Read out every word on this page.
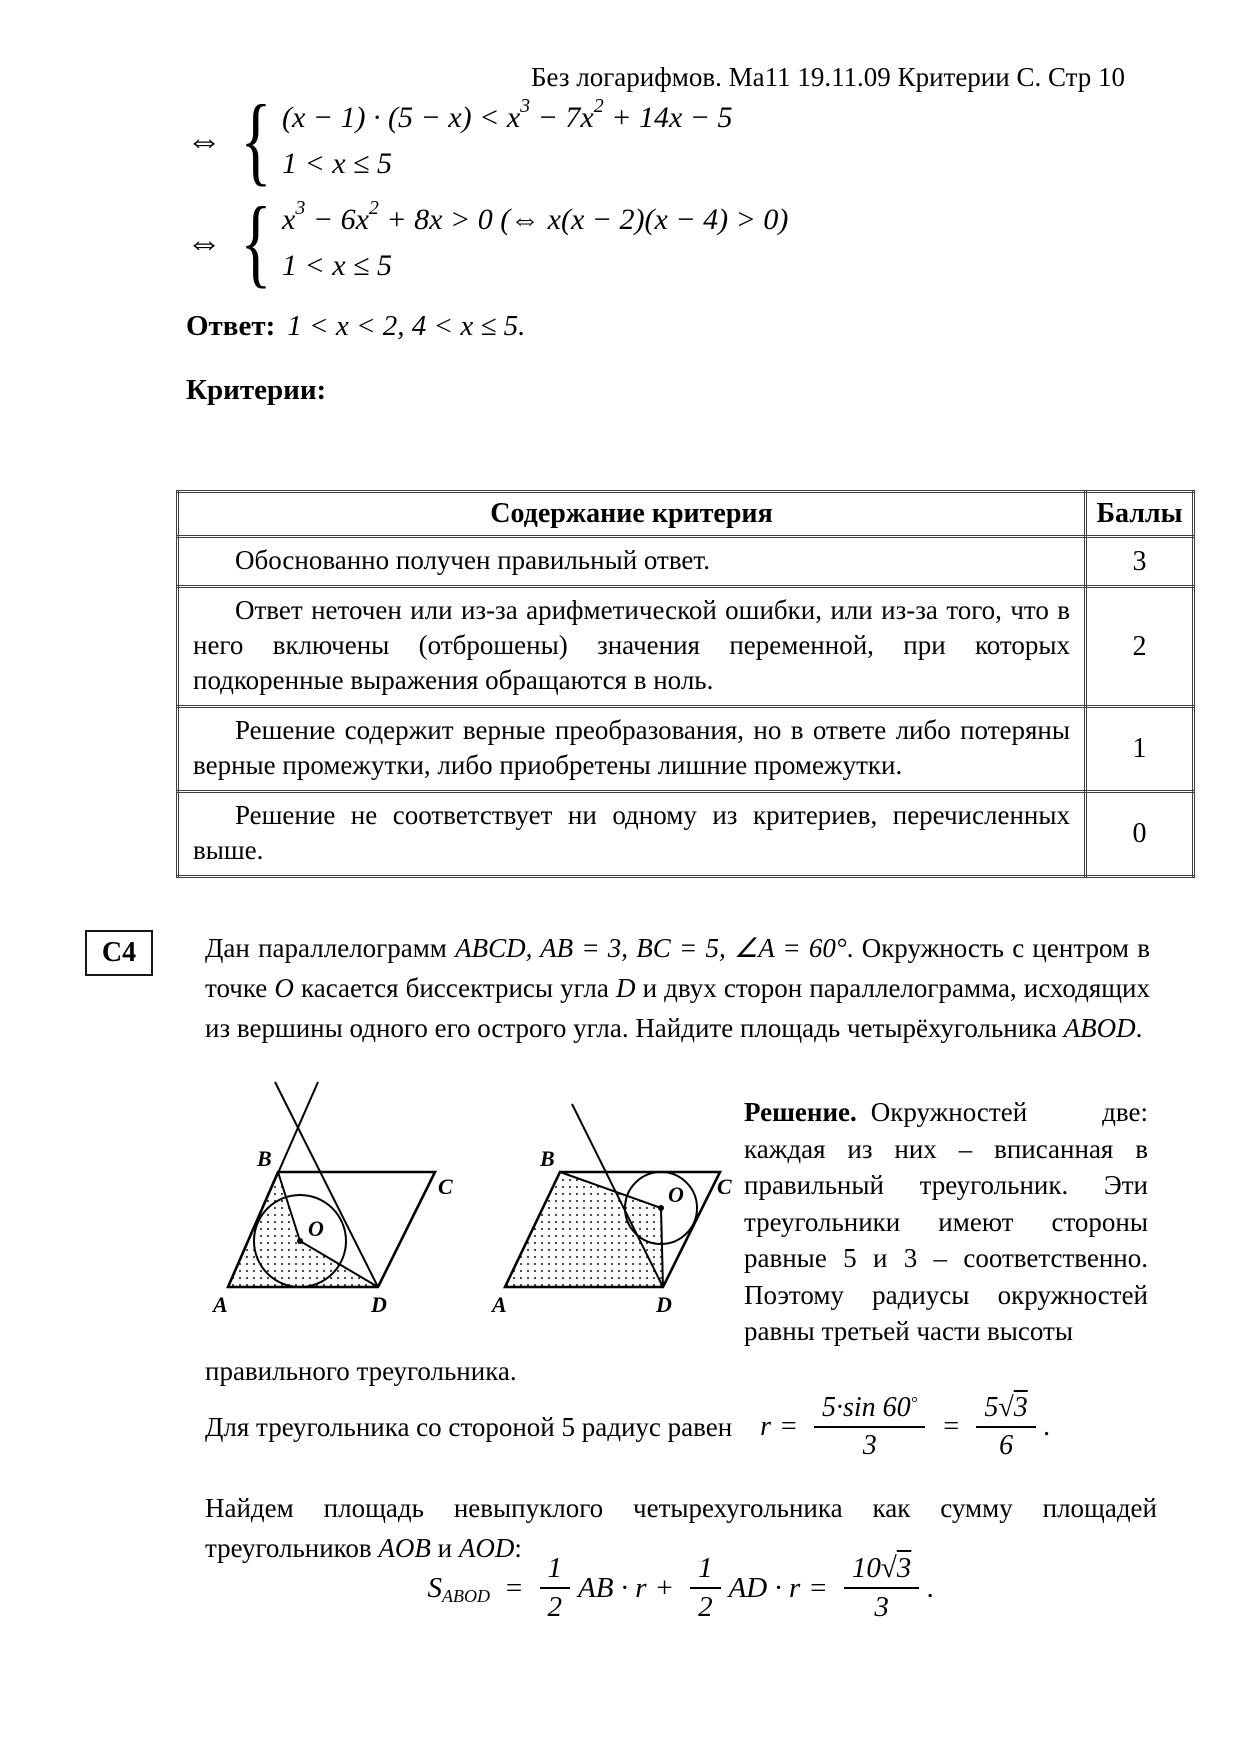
Без логарифмов. Ма11 19.11.09 Критерии С. Стр 10
⇔ { $(x - 1) \cdot (5 - x) < x^3 - 7x^2 + 14x - 5$
1 < x ≤ 5
⇔ { $x^3 - 6x^2 + 8x > 0$ (⇔ x(x − 2)(x − 4) > 0)
1 < x ≤ 5
Ответ: 1 < x < 2, 4 < x ≤ 5.
Критерии:
Содержание критерия	Баллы
Обоснованно получен правильный ответ.	3
Ответ неточен или из-за арифметической ошибки, или из-за того, что в него включены (отброшены) значения переменной, при которых подкоренные выражения обращаются в ноль.	2
Решение содержит верные преобразования, но в ответе либо потеряны верные промежутки, либо приобретены лишние промежутки.	1
Решение не соответствует ни одному из критериев, перечисленных выше.	0
С4	Дан параллелограмм ABCD, AB = 3, BC = 5, ∠A = 60°. Окружность с центром в точке O касается биссектрисы угла D и двух сторон параллелограмма, исходящих из вершины одного его острого угла. Найдите площадь четырёхугольника ABOD.
A
B
C
D
O
A
B
C
D
O
Решение. Окружностей две: каждая из них – вписанная в правильный треугольник. Эти треугольники имеют стороны равные 5 и 3 – соответственно. Поэтому радиусы окружностей равны третьей части высоты
правильного треугольника.
Для треугольника со стороной 5 радиус равен $r = \frac{5\cdot\sin 60^\circ}{3} = \frac{5√3}{6}$ .
Найдем площадь невыпуклого четырехугольника как сумму площадей треугольников AOB и AOD:
$S_{ABOD} = \frac{1}{2}$ AB · $r + \frac{1}{2}$ AD · $r = \frac{10√3}{3}$ .
